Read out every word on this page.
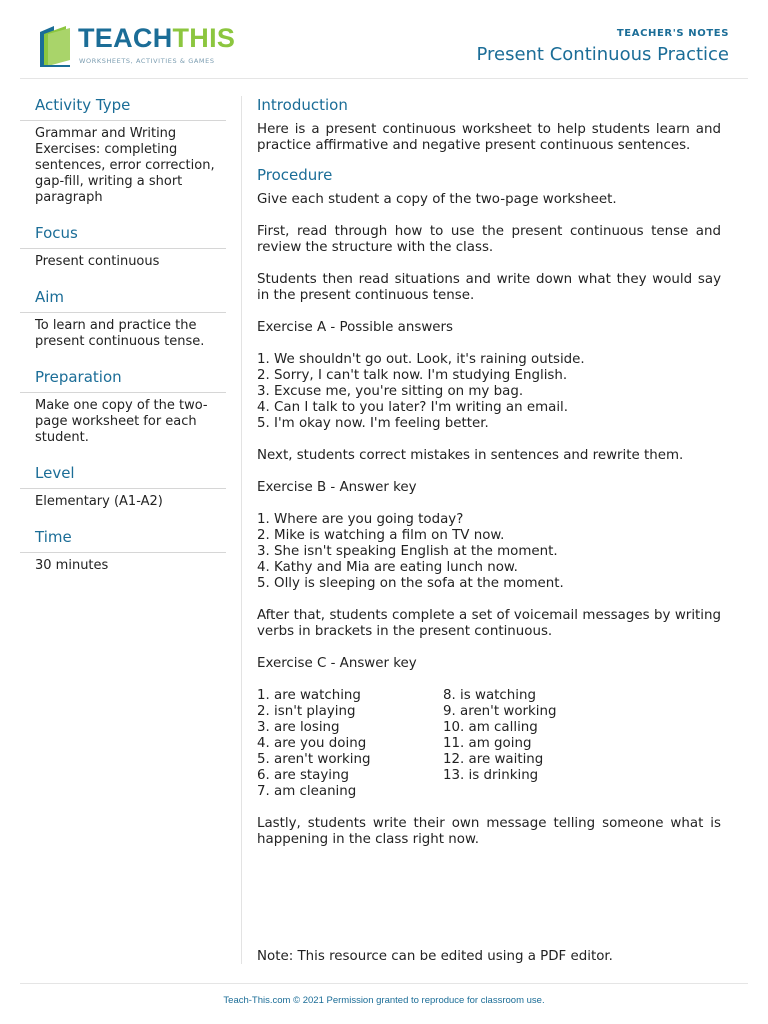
TEACHTHIS
WORKSHEETS, ACTIVITIES & GAMES
TEACHER'S NOTES
Present Continuous Practice
Activity Type
Grammar and Writing Exercises: completing sentences, error correction, gap-fill, writing a short paragraph
Focus
Present continuous
Aim
To learn and practice the present continuous tense.
Preparation
Make one copy of the two-page worksheet for each student.
Level
Elementary (A1-A2)
Time
30 minutes
Introduction

Here is a present continuous worksheet to help students learn and practice affirmative and negative present continuous sentences.

Procedure

Give each student a copy of the two-page worksheet.

First, read through how to use the present continuous tense and review the structure with the class.

Students then read situations and write down what they would say in the present continuous tense.

Exercise A - Possible answers

1. We shouldn't go out. Look, it's raining outside.
2. Sorry, I can't talk now. I'm studying English.
3. Excuse me, you're sitting on my bag.
4. Can I talk to you later? I'm writing an email.
5. I'm okay now. I'm feeling better.

Next, students correct mistakes in sentences and rewrite them.

Exercise B - Answer key

1. Where are you going today?
2. Mike is watching a film on TV now.
3. She isn't speaking English at the moment.
4. Kathy and Mia are eating lunch now.
5. Olly is sleeping on the sofa at the moment.

After that, students complete a set of voicemail messages by writing verbs in brackets in the present continuous.

Exercise C - Answer key

1. are watching
2. isn't playing
3. are losing
4. are you doing
5. aren't working
6. are staying
7. am cleaning
8. is watching
9. aren't working
10. am calling
11. am going
12. are waiting
13. is drinking

Lastly, students write their own message telling someone what is happening in the class right now.

Note: This resource can be edited using a PDF editor.
Teach-This.com © 2021 Permission granted to reproduce for classroom use.
